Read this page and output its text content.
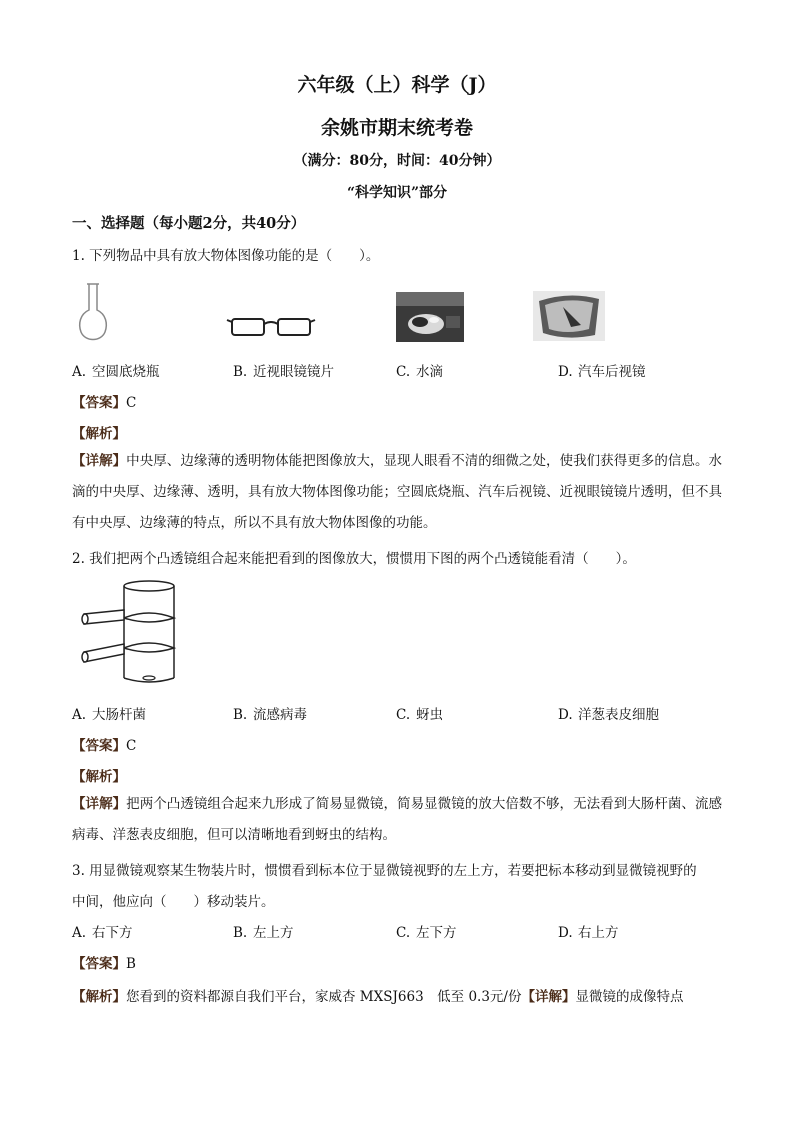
六年级（上）科学（J）
余姚市期末统考卷
（满分：80分，时间：40分钟）
“科学知识”部分
一、选择题（每小题2分，共40分）
1. 下列物品中具有放大物体图像功能的是（　　）。
A. 空圆底烧瓶	B. 近视眼镜镜片	C. 水滴	D. 汽车后视镜
【答案】C
【解析】
【详解】中央厚、边缘薄的透明物体能把图像放大，显现人眼看不清的细微之处，使我们获得更多的信息。水滴的中央厚、边缘薄、透明，具有放大物体图像功能；空圆底烧瓶、汽车后视镜、近视眼镜镜片透明，但不具有中央厚、边缘薄的特点，所以不具有放大物体图像的功能。
2. 我们把两个凸透镜组合起来能把看到的图像放大，惯惯用下图的两个凸透镜能看清（　　）。
A. 大肠杆菌	B. 流感病毒	C. 蚜虫	D. 洋葱表皮细胞
【答案】C
【解析】
【详解】把两个凸透镜组合起来九形成了简易显微镜，简易显微镜的放大倍数不够，无法看到大肠杆菌、流感病毒、洋葱表皮细胞，但可以清晰地看到蚜虫的结构。
3. 用显微镜观察某生物装片时，惯惯看到标本位于显微镜视野的左上方，若要把标本移动到显微镜视野的
中间，他应向（　　）移动装片。
A. 右下方	B. 左上方	C. 左下方	D. 右上方
【答案】B
【解析】您看到的资料都源自我们平台，家威杏 MXSJ663　低至 0.3元/份【详解】显微镜的成像特点
